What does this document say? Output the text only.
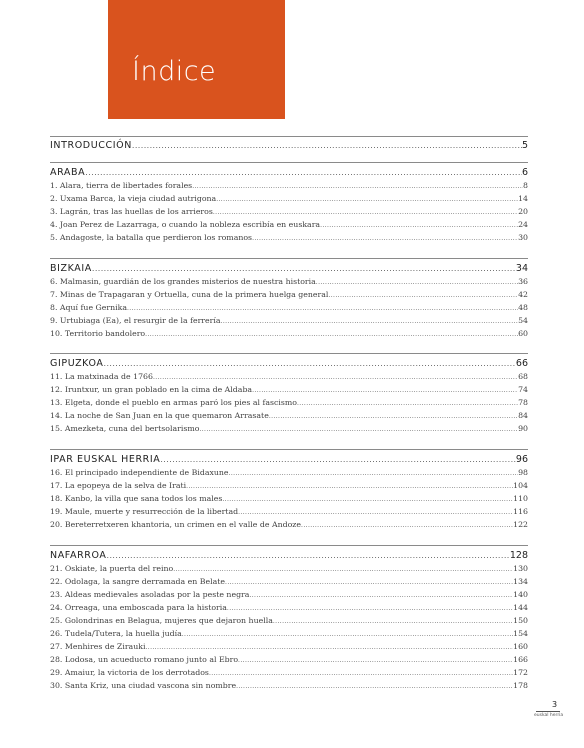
Índice
3
euskal herria
INTRODUCCIÓN .....	5
ARABA .....	6
1. Alara, tierra de libertades forales .....	8
2. Uxama Barca, la vieja ciudad autrigona .....	14
3. Lagrán, tras las huellas de los arrieros .....	20
4. Joan Perez de Lazarraga, o cuando la nobleza escribía en euskara .....	24
5. Andagoste, la batalla que perdieron los romanos .....	30
BIZKAIA .....	34
6. Malmasin, guardián de los grandes misterios de nuestra historia .....	36
7. Minas de Trapagaran y Ortuella, cuna de la primera huelga general .....	42
8. Aquí fue Gernika .....	48
9. Urtubiaga (Ea), el resurgir de la ferrería .....	54
10. Territorio bandolero .....	60
GIPUZKOA .....	66
11. La matxinada de 1766 .....	68
12. Iruntxur, un gran poblado en la cima de Aldaba .....	74
13. Elgeta, donde el pueblo en armas paró los pies al fascismo .....	78
14. La noche de San Juan en la que quemaron Arrasate .....	84
15. Amezketa, cuna del bertsolarismo .....	90
IPAR EUSKAL HERRIA .....	96
16. El principado independiente de Bidaxune .....	98
17. La epopeya de la selva de Irati .....	104
18. Kanbo, la villa que sana todos los males .....	110
19. Maule, muerte y resurrección de la libertad .....	116
20. Bereterretxeren khantoria, un crimen en el valle de Andoze .....	122
NAFARROA .....	128
21. Oskiate, la puerta del reino .....	130
22. Odolaga, la sangre derramada en Belate .....	134
23. Aldeas medievales asoladas por la peste negra .....	140
24. Orreaga, una emboscada para la historia .....	144
25. Golondrinas en Belagua, mujeres que dejaron huella .....	150
26. Tudela/Tutera, la huella judía .....	154
27. Menhires de Zirauki .....	160
28. Lodosa, un acueducto romano junto al Ebro .....	166
29. Amaiur, la victoria de los derrotados .....	172
30. Santa Kriz, una ciudad vascona sin nombre .....	178
